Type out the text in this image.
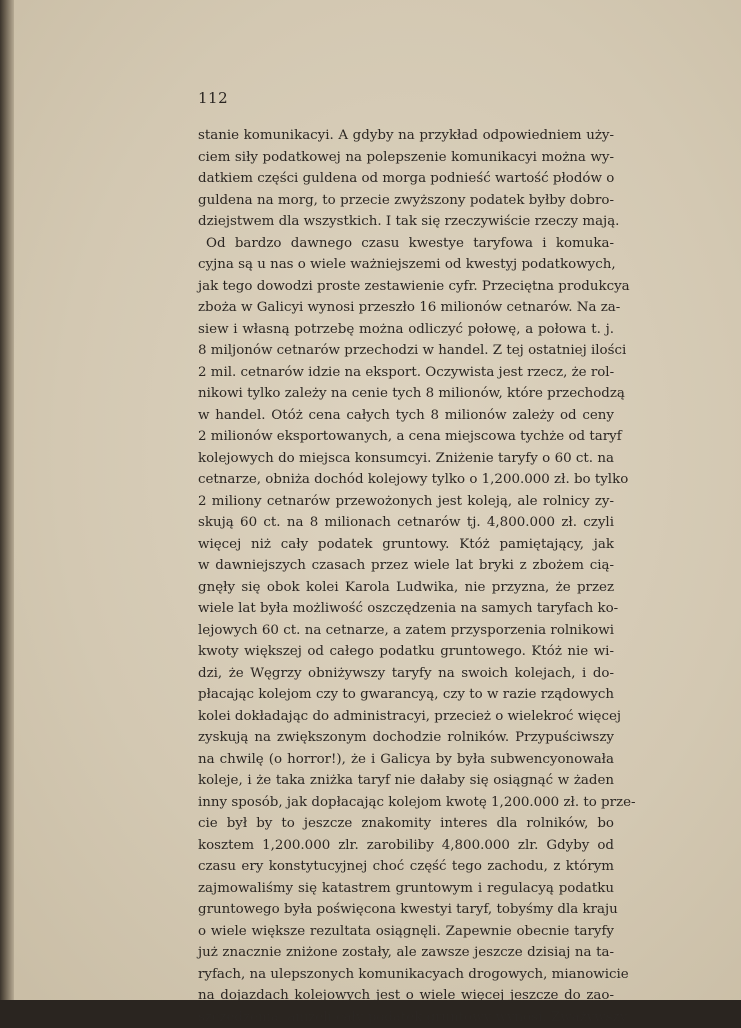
112
stanie komunikacyi. A gdyby na przykład odpowiedniem uży-
ciem siły podatkowej na polepszenie komunikacyi można wy-
datkiem części guldena od morga podnieść wartość płodów o
guldena na morg, to przecie zwyższony podatek byłby dobro-
dziejstwem dla wszystkich. I tak się rzeczywiście rzeczy mają.
Od bardzo dawnego czasu kwestye taryfowa i komuka-
cyjna są u nas o wiele ważniejszemi od kwestyj podatkowych,
jak tego dowodzi proste zestawienie cyfr. Przeciętna produkcya
zboża w Galicyi wynosi przeszło 16 milionów cetnarów. Na za-
siew i własną potrzebę można odliczyć połowę, a połowa t. j.
8 miljonów cetnarów przechodzi w handel. Z tej ostatniej ilości
2 mil. cetnarów idzie na eksport. Oczywista jest rzecz, że rol-
nikowi tylko zależy na cenie tych 8 milionów, które przechodzą
w handel. Otóż cena całych tych 8 milionów zależy od ceny
2 milionów eksportowanych, a cena miejscowa tychże od taryf
kolejowych do miejsca konsumcyi. Zniżenie taryfy o 60 ct. na
cetnarze, obniża dochód kolejowy tylko o 1,200.000 zł. bo tylko
2 miliony cetnarów przewożonych jest koleją, ale rolnicy zy-
skują 60 ct. na 8 milionach cetnarów tj. 4,800.000 zł. czyli
więcej niż cały podatek gruntowy. Któż pamiętający, jak
w dawniejszych czasach przez wiele lat bryki z zbożem cią-
gnęły się obok kolei Karola Ludwika, nie przyzna, że przez
wiele lat była możliwość oszczędzenia na samych taryfach ko-
lejowych 60 ct. na cetnarze, a zatem przysporzenia rolnikowi
kwoty większej od całego podatku gruntowego. Któż nie wi-
dzi, że Węgrzy obniżywszy taryfy na swoich kolejach, i do-
płacając kolejom czy to gwarancyą, czy to w razie rządowych
kolei dokładając do administracyi, przecież o wielekroć więcej
zyskują na zwiększonym dochodzie rolników. Przypuściwszy
na chwilę (o horror!), że i Galicya by była subwencyonowała
koleje, i że taka zniżka taryf nie dałaby się osiągnąć w żaden
inny sposób, jak dopłacając kolejom kwotę 1,200.000 zł. to prze-
cie był by to jeszcze znakomity interes dla rolników, bo
kosztem 1,200.000 zlr. zarobiliby 4,800.000 zlr. Gdyby od
czasu ery konstytucyjnej choć część tego zachodu, z którym
zajmowaliśmy się katastrem gruntowym i regulacyą podatku
gruntowego była poświęcona kwestyi taryf, tobyśmy dla kraju
o wiele większe rezultata osiągnęli. Zapewnie obecnie taryfy
już znacznie zniżone zostały, ale zawsze jeszcze dzisiaj na ta-
ryfach, na ulepszonych komunikacyach drogowych, mianowicie
na dojazdach kolejowych jest o wiele więcej jeszcze do zao-
szczędzenia, aniżeli cały podatek gruntowy wynosi. Zważywszy
